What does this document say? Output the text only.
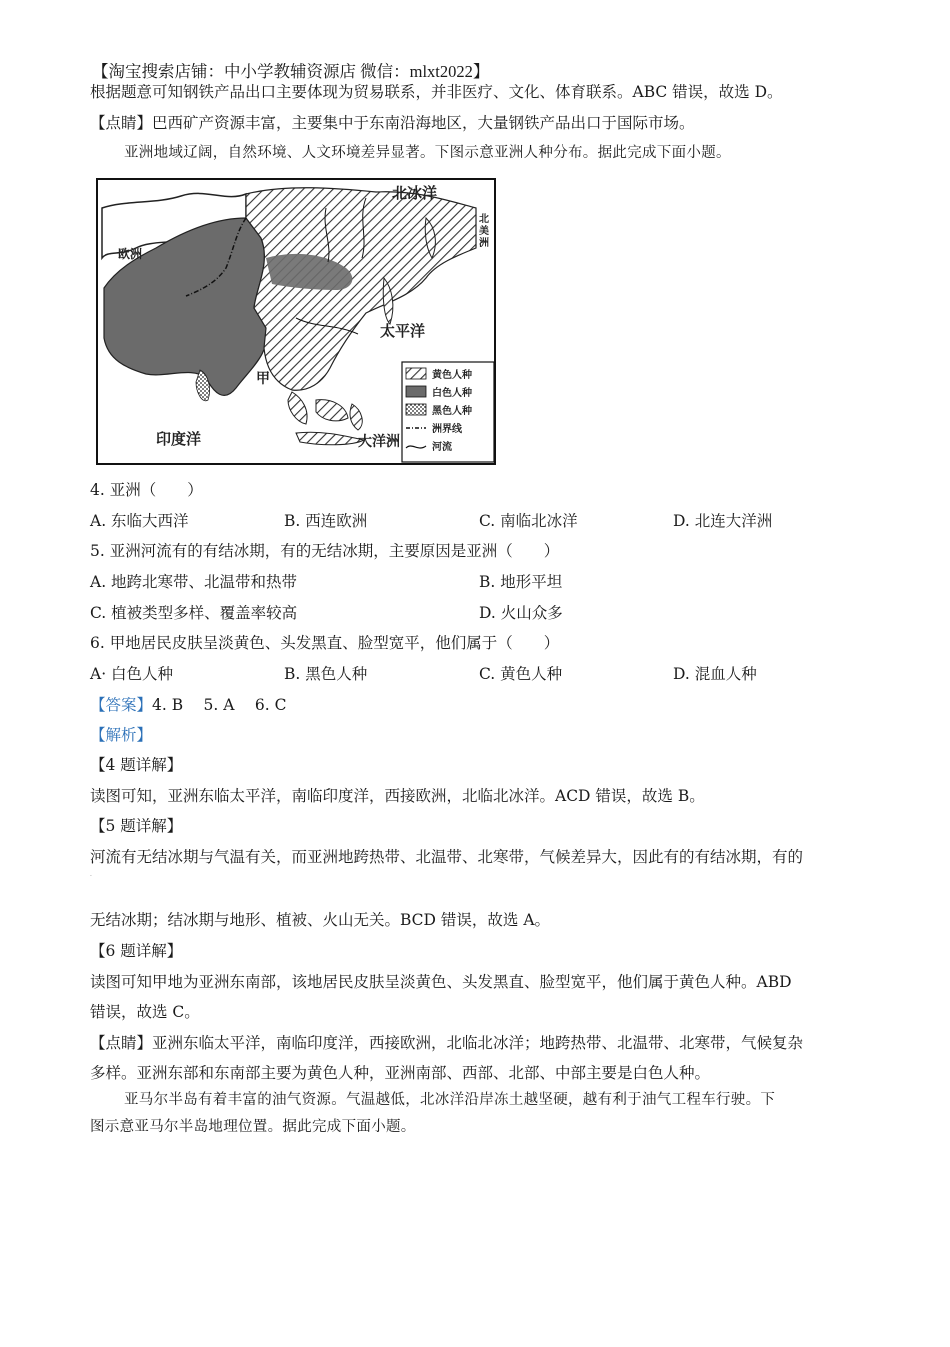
【淘宝搜索店铺：中小学教辅资源店 微信：mlxt2022】
根据题意可知钢铁产品出口主要体现为贸易联系，并非医疗、文化、体育联系。ABC 错误，故选 D。
【点睛】巴西矿产资源丰富，主要集中于东南沿海地区，大量钢铁产品出口于国际市场。
亚洲地域辽阔，自然环境、人文环境差异显著。下图示意亚洲人种分布。据此完成下面小题。
北冰洋
北
美
洲
欧洲
太平洋
印度洋	大洋洲
甲	黄色人种
白色人种
黑色人种
洲界线
河流
4. 亚洲（　　）
A. 东临大西洋	B. 西连欧洲	C. 南临北冰洋	D. 北连大洋洲
5. 亚洲河流有的有结冰期，有的无结冰期，主要原因是亚洲（　　）
A. 地跨北寒带、北温带和热带	B. 地形平坦
C. 植被类型多样、覆盖率较高	D. 火山众多
6. 甲地居民皮肤呈淡黄色、头发黑直、脸型宽平，他们属于（　　）
A· 白色人种	B. 黑色人种	C. 黄色人种	D. 混血人种
【答案】4. B　 5. A　 6. C
【解析】
【4 题详解】
读图可知，亚洲东临太平洋，南临印度洋，西接欧洲，北临北冰洋。ACD 错误，故选 B。
【5 题详解】
河流有无结冰期与气温有关，而亚洲地跨热带、北温带、北寒带，气候差异大，因此有的有结冰期，有的
·
无结冰期；结冰期与地形、植被、火山无关。BCD 错误，故选 A。
【6 题详解】
读图可知甲地为亚洲东南部，该地居民皮肤呈淡黄色、头发黑直、脸型宽平，他们属于黄色人种。ABD
错误，故选 C。
【点睛】亚洲东临太平洋，南临印度洋，西接欧洲，北临北冰洋；地跨热带、北温带、北寒带，气候复杂
多样。亚洲东部和东南部主要为黄色人种，亚洲南部、西部、北部、中部主要是白色人种。
亚马尔半岛有着丰富的油气资源。气温越低，北冰洋沿岸冻土越坚硬，越有利于油气工程车行驶。下
图示意亚马尔半岛地理位置。据此完成下面小题。
